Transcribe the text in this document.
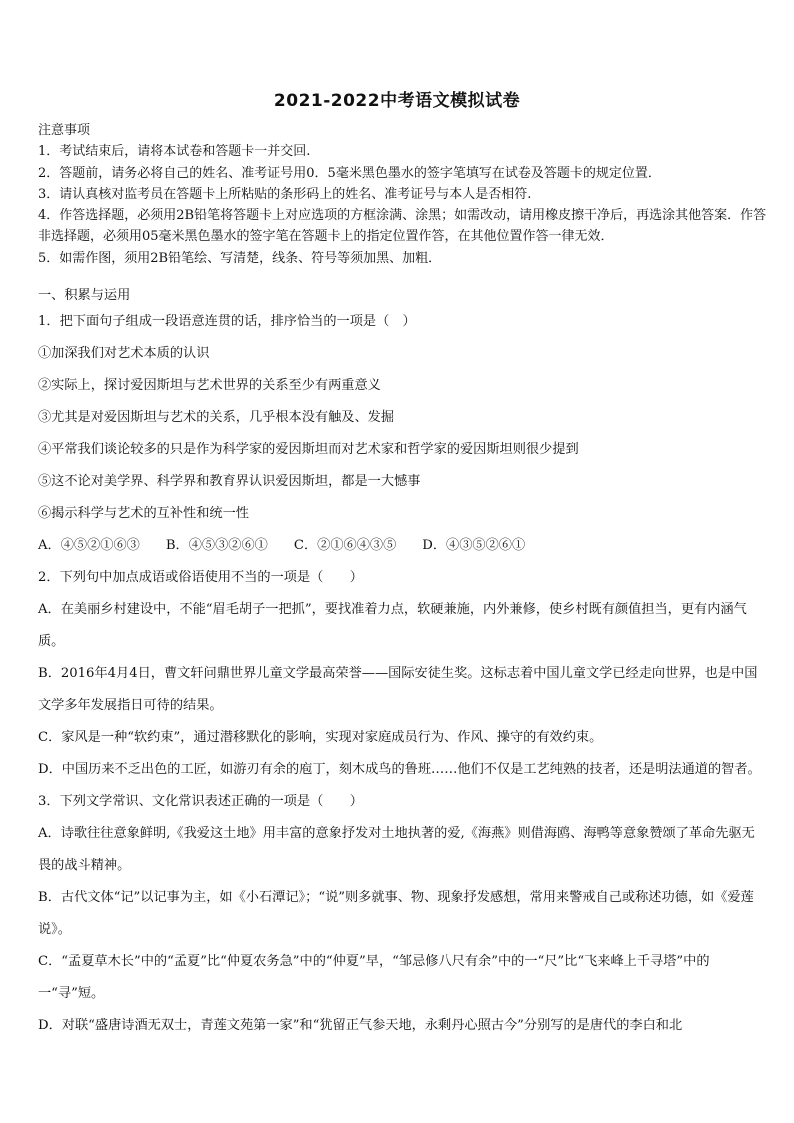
2021-2022中考语文模拟试卷
注意事项
1．考试结束后，请将本试卷和答题卡一并交回.
2．答题前，请务必将自己的姓名、准考证号用0．5毫米黑色墨水的签字笔填写在试卷及答题卡的规定位置．
3．请认真核对监考员在答题卡上所粘贴的条形码上的姓名、准考证号与本人是否相符.
4．作答选择题，必须用2B铅笔将答题卡上对应选项的方框涂满、涂黑；如需改动，请用橡皮擦干净后，再选涂其他答案．作答非选择题，必须用05毫米黑色墨水的签字笔在答题卡上的指定位置作答，在其他位置作答一律无效．
5．如需作图，须用2B铅笔绘、写清楚，线条、符号等须加黑、加粗．
一、积累与运用
1．把下面句子组成一段语意连贯的话，排序恰当的一项是（　）
①加深我们对艺术本质的认识
②实际上，探讨爱因斯坦与艺术世界的关系至少有两重意义
③尤其是对爱因斯坦与艺术的关系，几乎根本没有触及、发掘
④平常我们谈论较多的只是作为科学家的爱因斯坦而对艺术家和哲学家的爱因斯坦则很少提到
⑤这不论对美学界、科学界和教育界认识爱因斯坦，都是一大憾事
⑥揭示科学与艺术的互补性和统一性
A．④⑤②①⑥③ B．④⑤③②⑥① C．②①⑥④③⑤ D．④③⑤②⑥①
2．下列句中加点成语或俗语使用不当的一项是（　　）
A．在美丽乡村建设中，不能“眉毛胡子一把抓”，要找准着力点，软硬兼施，内外兼修，使乡村既有颜值担当，更有内涵气质。
B．2016年4月4日，曹文轩问鼎世界儿童文学最高荣誉——国际安徒生奖。这标志着中国儿童文学已经走向世界，也是中国文学多年发展指日可待的结果。
C．家风是一种“软约束”，通过潜移默化的影响，实现对家庭成员行为、作风、操守的有效约束。
D．中国历来不乏出色的工匠，如游刃有余的庖丁，刻木成鸟的鲁班……他们不仅是工艺纯熟的技者，还是明法通道的智者。
3．下列文学常识、文化常识表述正确的一项是（　　）
A．诗歌往往意象鲜明,《我爱这土地》用丰富的意象抒发对土地执著的爱,《海燕》则借海鸥、海鸭等意象赞颂了革命先驱无畏的战斗精神。
B．古代文体“记”以记事为主，如《小石潭记》；“说”则多就事、物、现象抒发感想，常用来警戒自己或称述功德，如《爱莲说》。
C．“孟夏草木长”中的“孟夏”比“仲夏农务急”中的“仲夏”早，“邹忌修八尺有余”中的一“尺”比“飞来峰上千寻塔”中的一“寻”短。
D．对联“盛唐诗酒无双士，青莲文苑第一家”和“犹留正气参天地，永剩丹心照古今”分别写的是唐代的李白和北
